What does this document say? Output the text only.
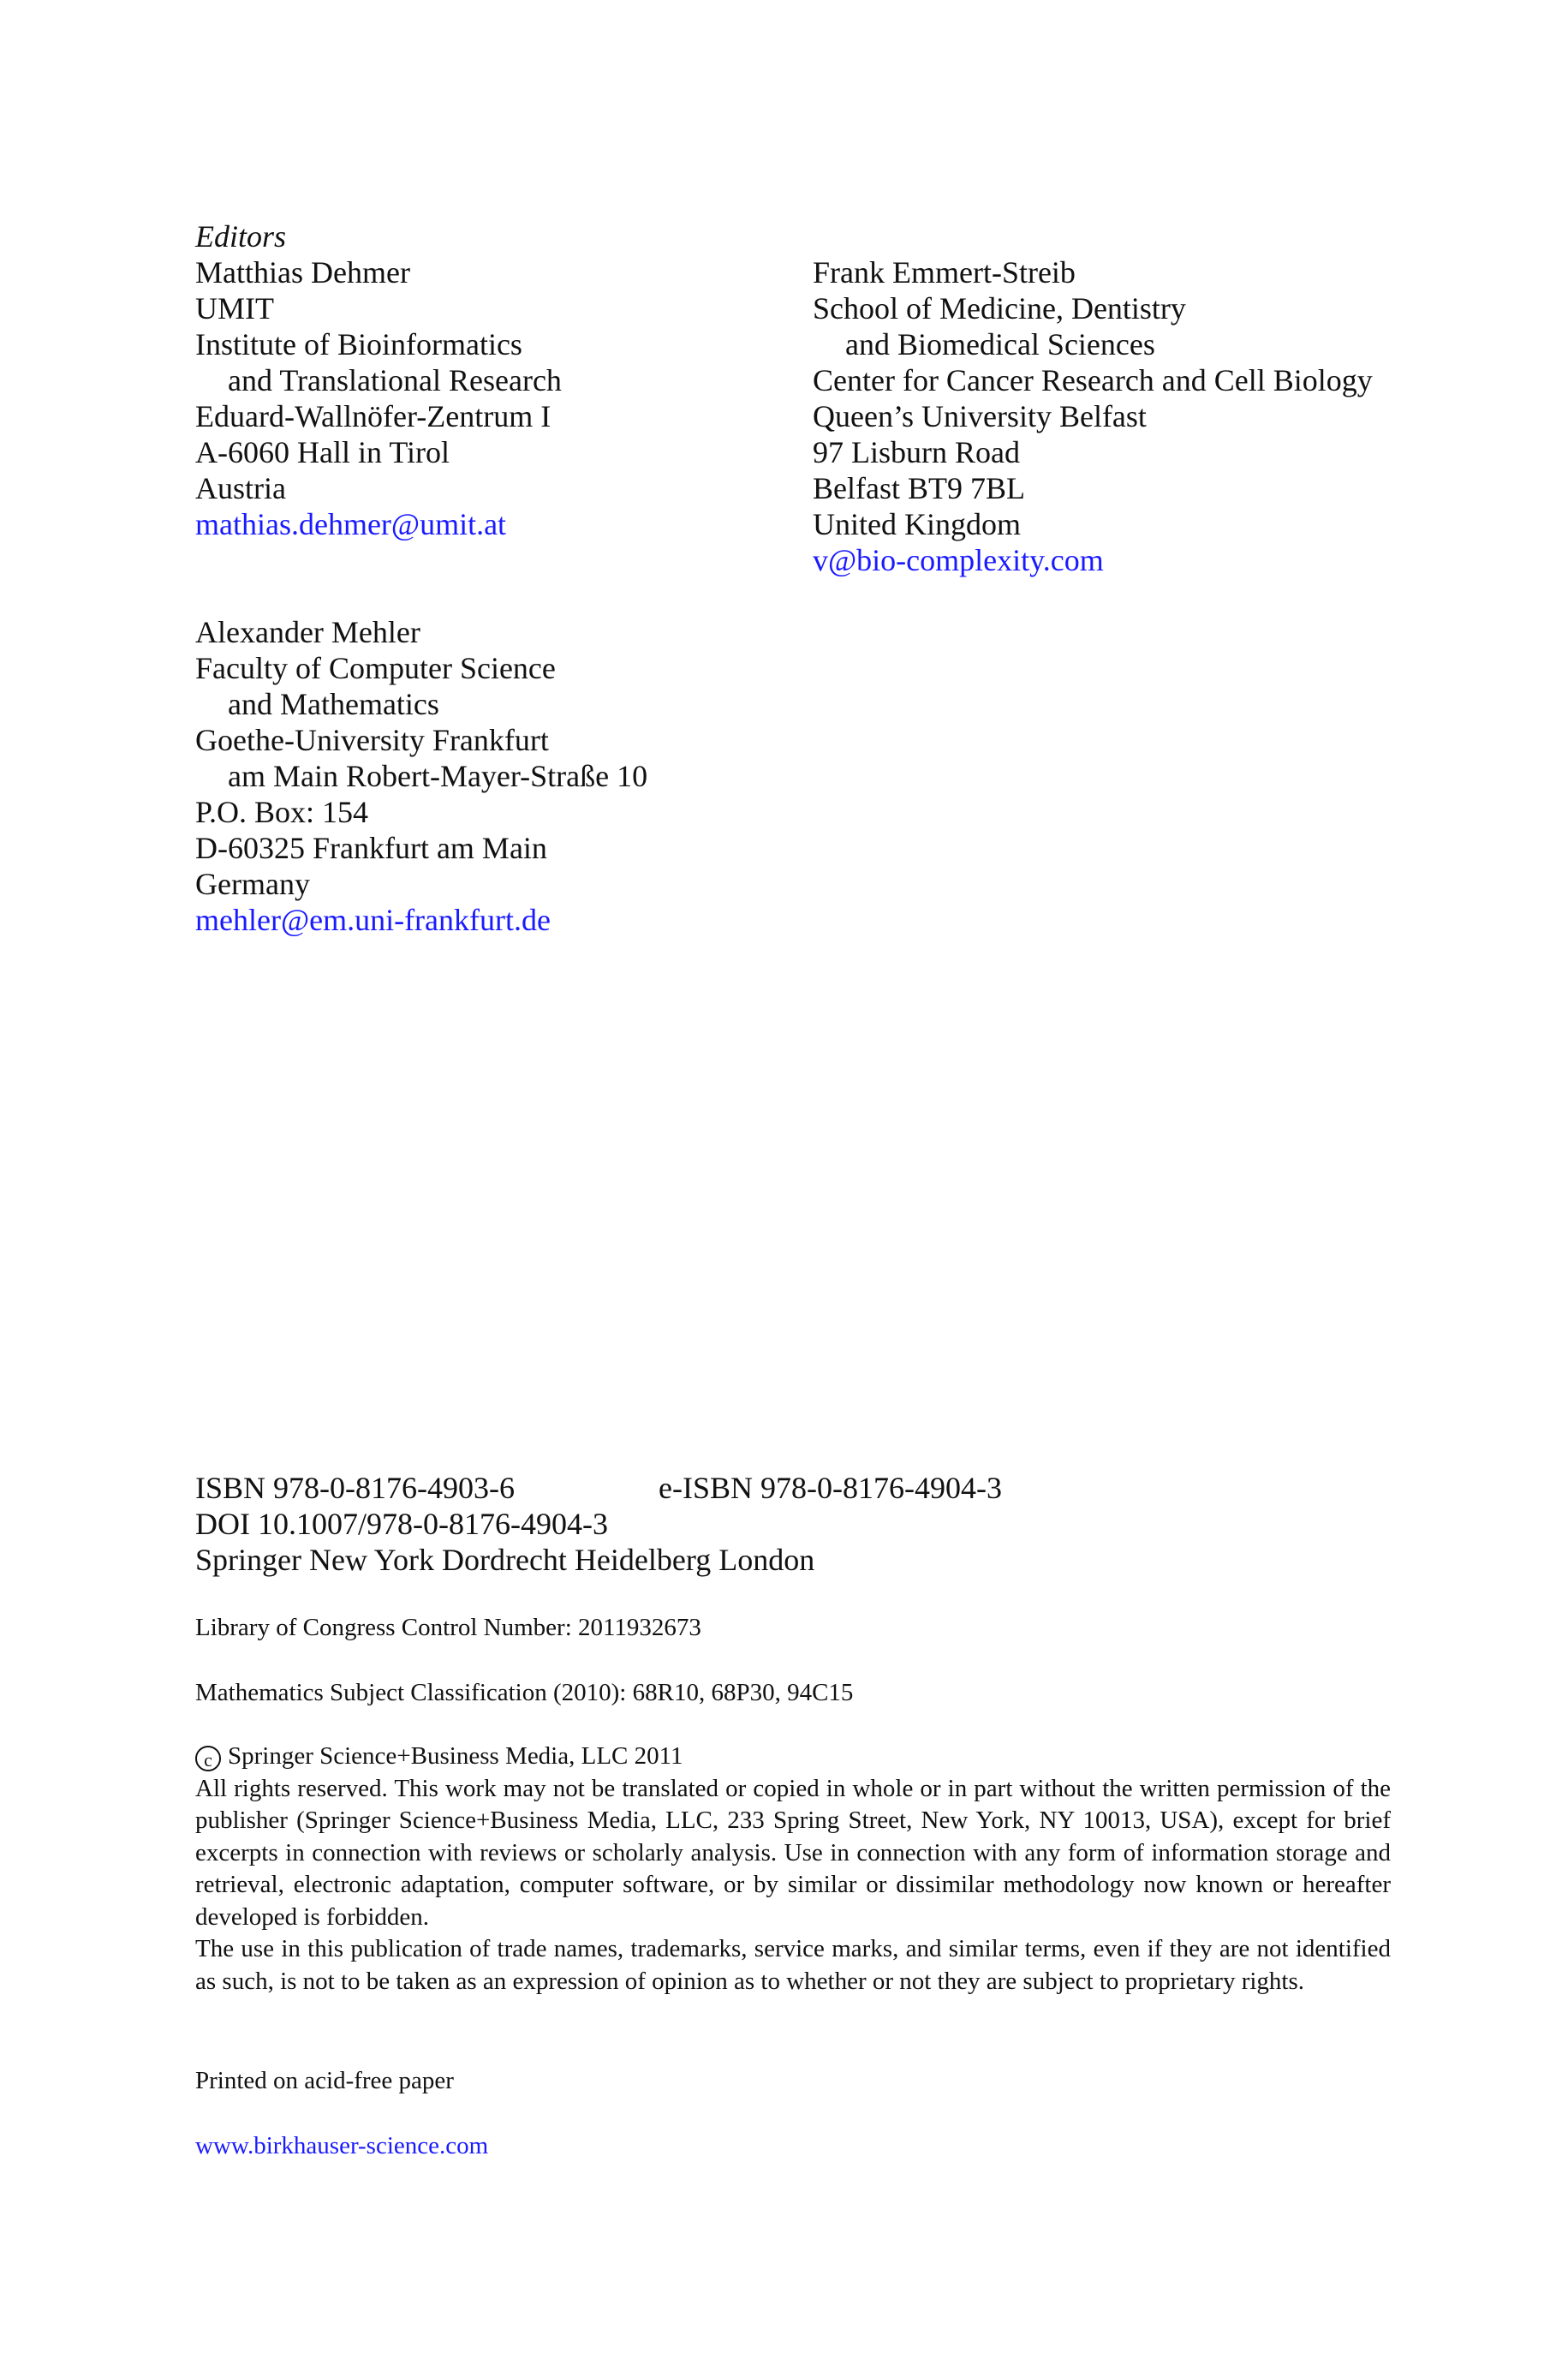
Editors
Matthias Dehmer
UMIT
Institute of Bioinformatics
and Translational Research
Eduard-Wallnöfer-Zentrum I
A-6060 Hall in Tirol
Austria
mathias.dehmer@umit.at
Frank Emmert-Streib
School of Medicine, Dentistry
and Biomedical Sciences
Center for Cancer Research and Cell Biology
Queen’s University Belfast
97 Lisburn Road
Belfast BT9 7BL
United Kingdom
v@bio-complexity.com
Alexander Mehler
Faculty of Computer Science
and Mathematics
Goethe-University Frankfurt
am Main Robert-Mayer-Straße 10
P.O. Box: 154
D-60325 Frankfurt am Main
Germany
mehler@em.uni-frankfurt.de
ISBN 978-0-8176-4903-6	e-ISBN 978-0-8176-4904-3
DOI 10.1007/978-0-8176-4904-3
Springer New York Dordrecht Heidelberg London
Library of Congress Control Number: 2011932673
Mathematics Subject Classification (2010): 68R10, 68P30, 94C15

c Springer Science+Business Media, LLC 2011

All rights reserved. This work may not be translated or copied in whole or in part without the written permission of the publisher (Springer Science+Business Media, LLC, 233 Spring Street, New York, NY 10013, USA), except for brief excerpts in connection with reviews or scholarly analysis. Use in connection with any form of information storage and retrieval, electronic adaptation, computer software, or by similar or dissimilar methodology now known or hereafter developed is forbidden.

The use in this publication of trade names, trademarks, service marks, and similar terms, even if they are not identified as such, is not to be taken as an expression of opinion as to whether or not they are subject to proprietary rights.

Printed on acid-free paper
www.birkhauser-science.com
